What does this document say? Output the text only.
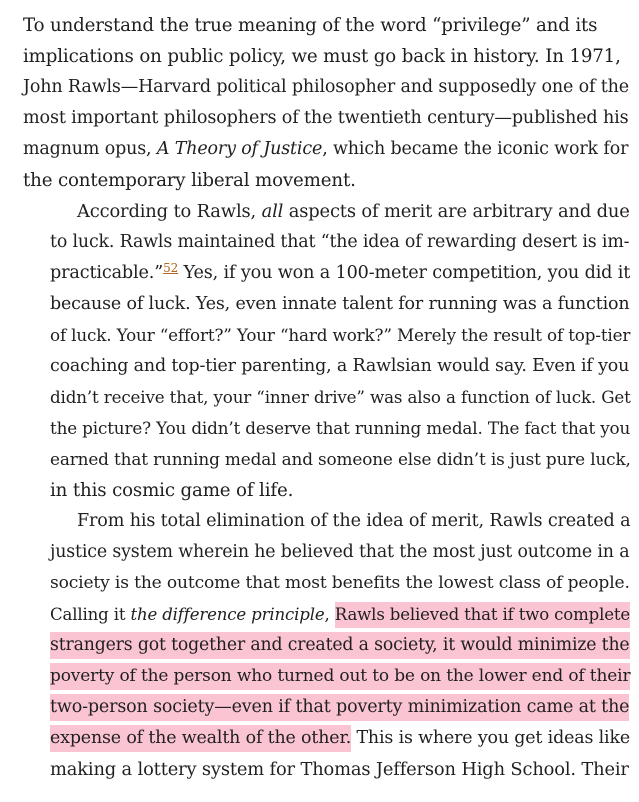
To understand the true meaning of the word “privilege” and its
implications on public policy, we must go back in history. In 1971,
John Rawls—Harvard political philosopher and supposedly one of the
most important philosophers of the twentieth century—published his
magnum opus, A Theory of Justice, which became the iconic work for
the contemporary liberal movement.
According to Rawls, all aspects of merit are arbitrary and due
to luck. Rawls maintained that “the idea of rewarding desert is im-
practicable.”$^{52}$ Yes, if you won a 100-meter competition, you did it
because of luck. Yes, even innate talent for running was a function
of luck. Your “effort?” Your “hard work?” Merely the result of top-tier
coaching and top-tier parenting, a Rawlsian would say. Even if you
didn’t receive that, your “inner drive” was also a function of luck. Get
the picture? You didn’t deserve that running medal. The fact that you
earned that running medal and someone else didn’t is just pure luck,
in this cosmic game of life.
From his total elimination of the idea of merit, Rawls created a
justice system wherein he believed that the most just outcome in a
society is the outcome that most benefits the lowest class of people.
Calling it the difference principle, Rawls believed that if two complete
strangers got together and created a society, it would minimize the
poverty of the person who turned out to be on the lower end of their
two-person society—even if that poverty minimization came at the
expense of the wealth of the other. This is where you get ideas like
making a lottery system for Thomas Jefferson High School. Their
